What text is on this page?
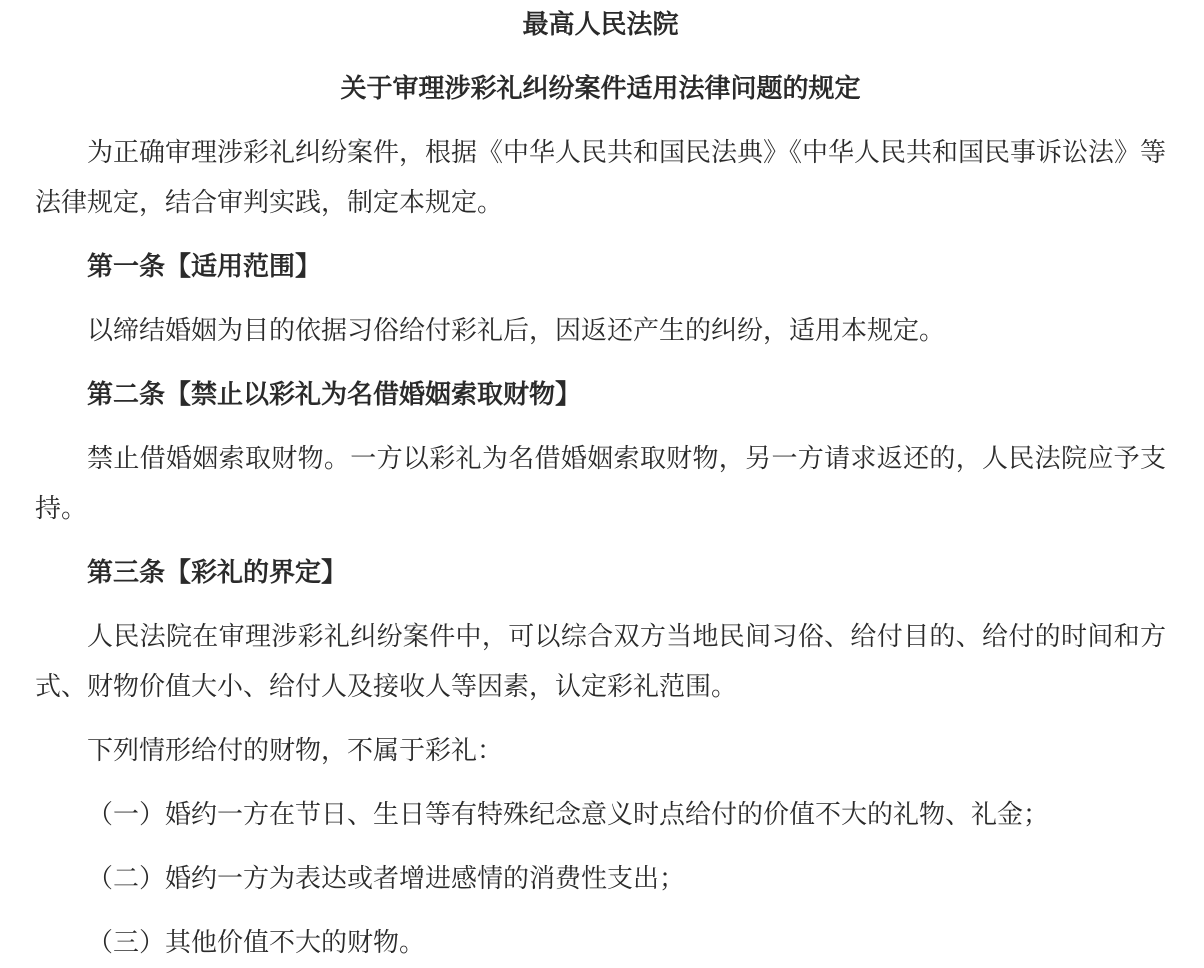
最高人民法院
关于审理涉彩礼纠纷案件适用法律问题的规定

为正确审理涉彩礼纠纷案件，根据《中华人民共和国民法典》《中华人民共和国民事诉讼法》等法律规定，结合审判实践，制定本规定。

第一条【适用范围】

以缔结婚姻为目的依据习俗给付彩礼后，因返还产生的纠纷，适用本规定。

第二条【禁止以彩礼为名借婚姻索取财物】

禁止借婚姻索取财物。一方以彩礼为名借婚姻索取财物，另一方请求返还的，人民法院应予支持。

第三条【彩礼的界定】

人民法院在审理涉彩礼纠纷案件中，可以综合双方当地民间习俗、给付目的、给付的时间和方式、财物价值大小、给付人及接收人等因素，认定彩礼范围。

下列情形给付的财物，不属于彩礼：

（一）婚约一方在节日、生日等有特殊纪念意义时点给付的价值不大的礼物、礼金；

（二）婚约一方为表达或者增进感情的消费性支出；

（三）其他价值不大的财物。
